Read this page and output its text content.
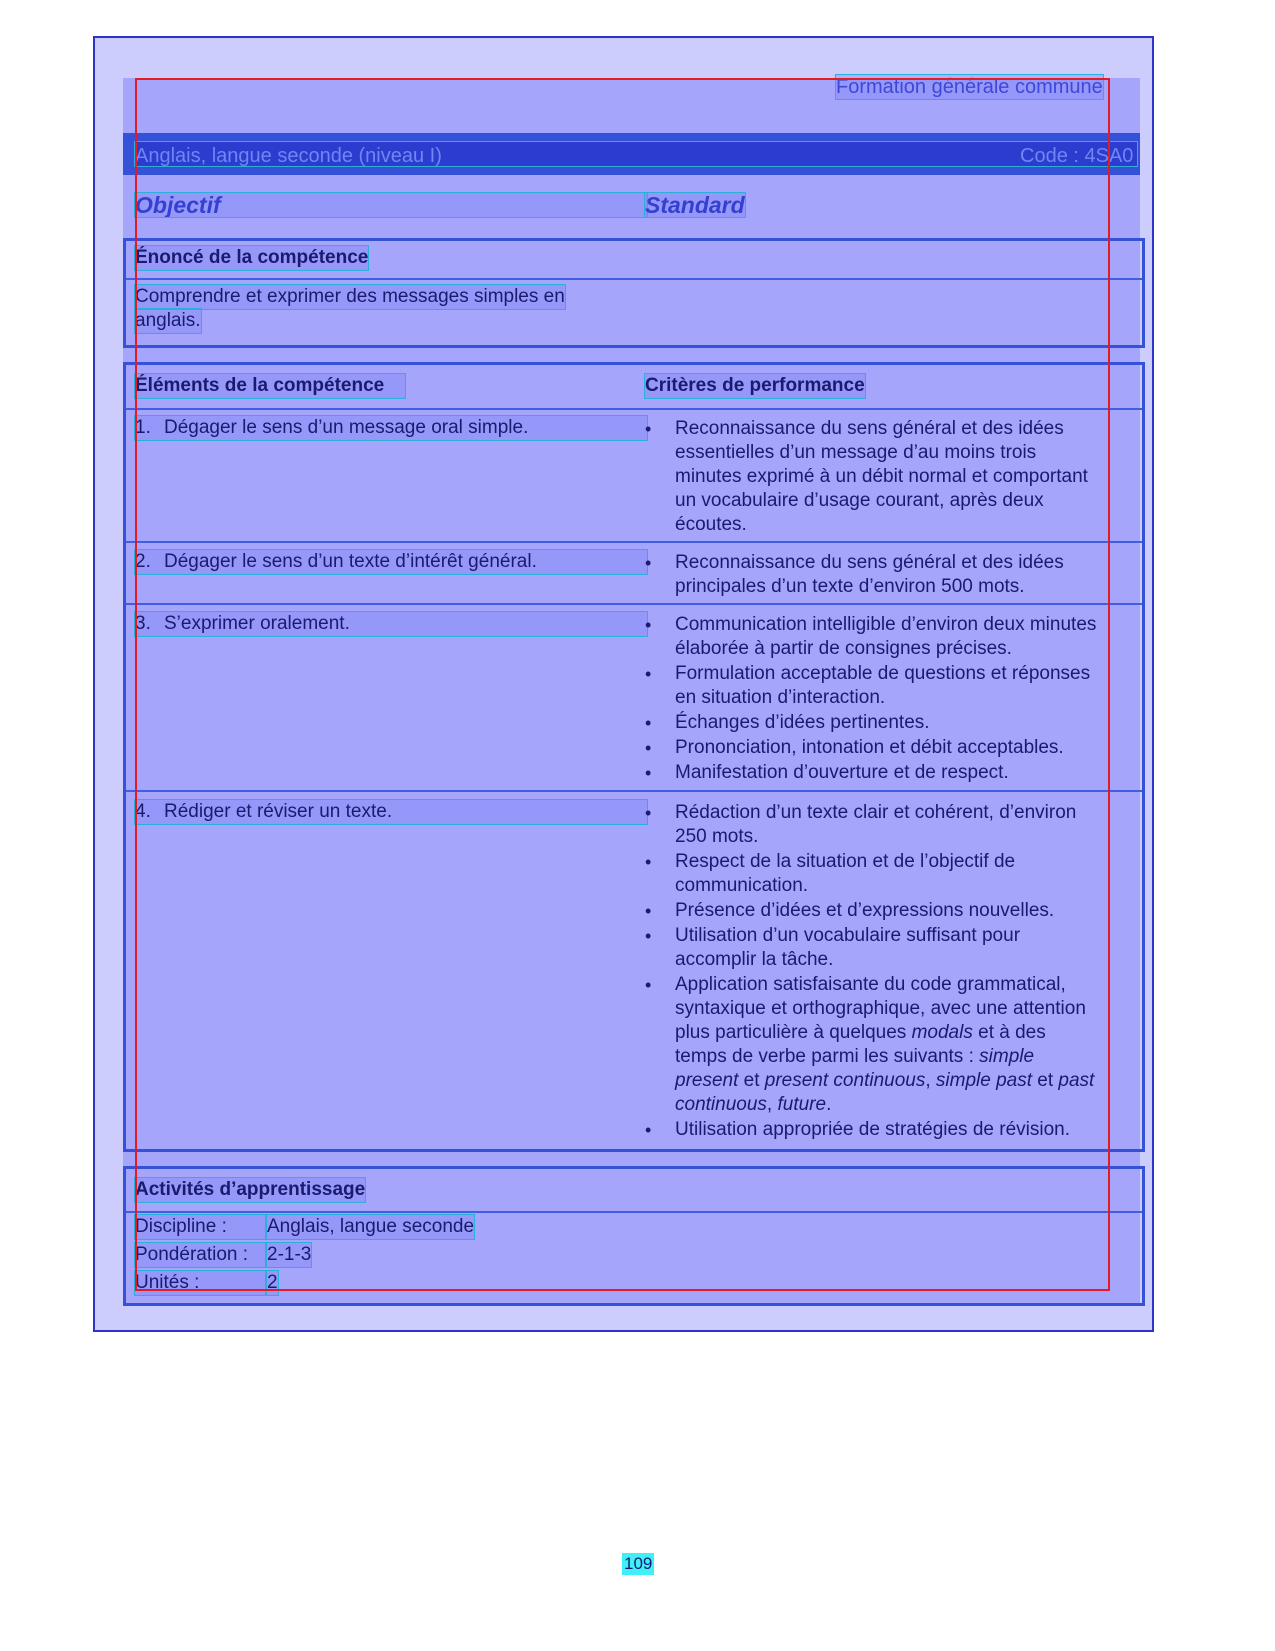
Formation générale commune
Anglais, langue seconde (niveau I)	Code : 4SA0
Objectif	Standard
Énoncé de la compétence
Comprendre et exprimer des messages simples en
anglais.
Éléments de la compétence	Critères de performance
1. Dégager le sens d’un message oral simple.	• Reconnaissance du sens général et des idées
essentielles d’un message d’au moins trois
minutes exprimé à un débit normal et comportant
un vocabulaire d’usage courant, après deux
écoutes.
2. Dégager le sens d’un texte d’intérêt général.	• Reconnaissance du sens général et des idées
principales d’un texte d’environ 500 mots.
3. S’exprimer oralement.	• Communication intelligible d’environ deux minutes
élaborée à partir de consignes précises.
• Formulation acceptable de questions et réponses
en situation d’interaction.
• Échanges d’idées pertinentes.
• Prononciation, intonation et débit acceptables.
• Manifestation d’ouverture et de respect.
4. Rédiger et réviser un texte.	• Rédaction d’un texte clair et cohérent, d’environ
250 mots.
• Respect de la situation et de l’objectif de
communication.
• Présence d’idées et d’expressions nouvelles.
• Utilisation d’un vocabulaire suffisant pour
accomplir la tâche.
• Application satisfaisante du code grammatical,
syntaxique et orthographique, avec une attention
plus particulière à quelques modals et à des
temps de verbe parmi les suivants : simple
present et present continuous, simple past et past
continuous, future.
• Utilisation appropriée de stratégies de révision.
Activités d’apprentissage
Discipline :	Anglais, langue seconde
Pondération : 2-1-3
Unités :	2
109
